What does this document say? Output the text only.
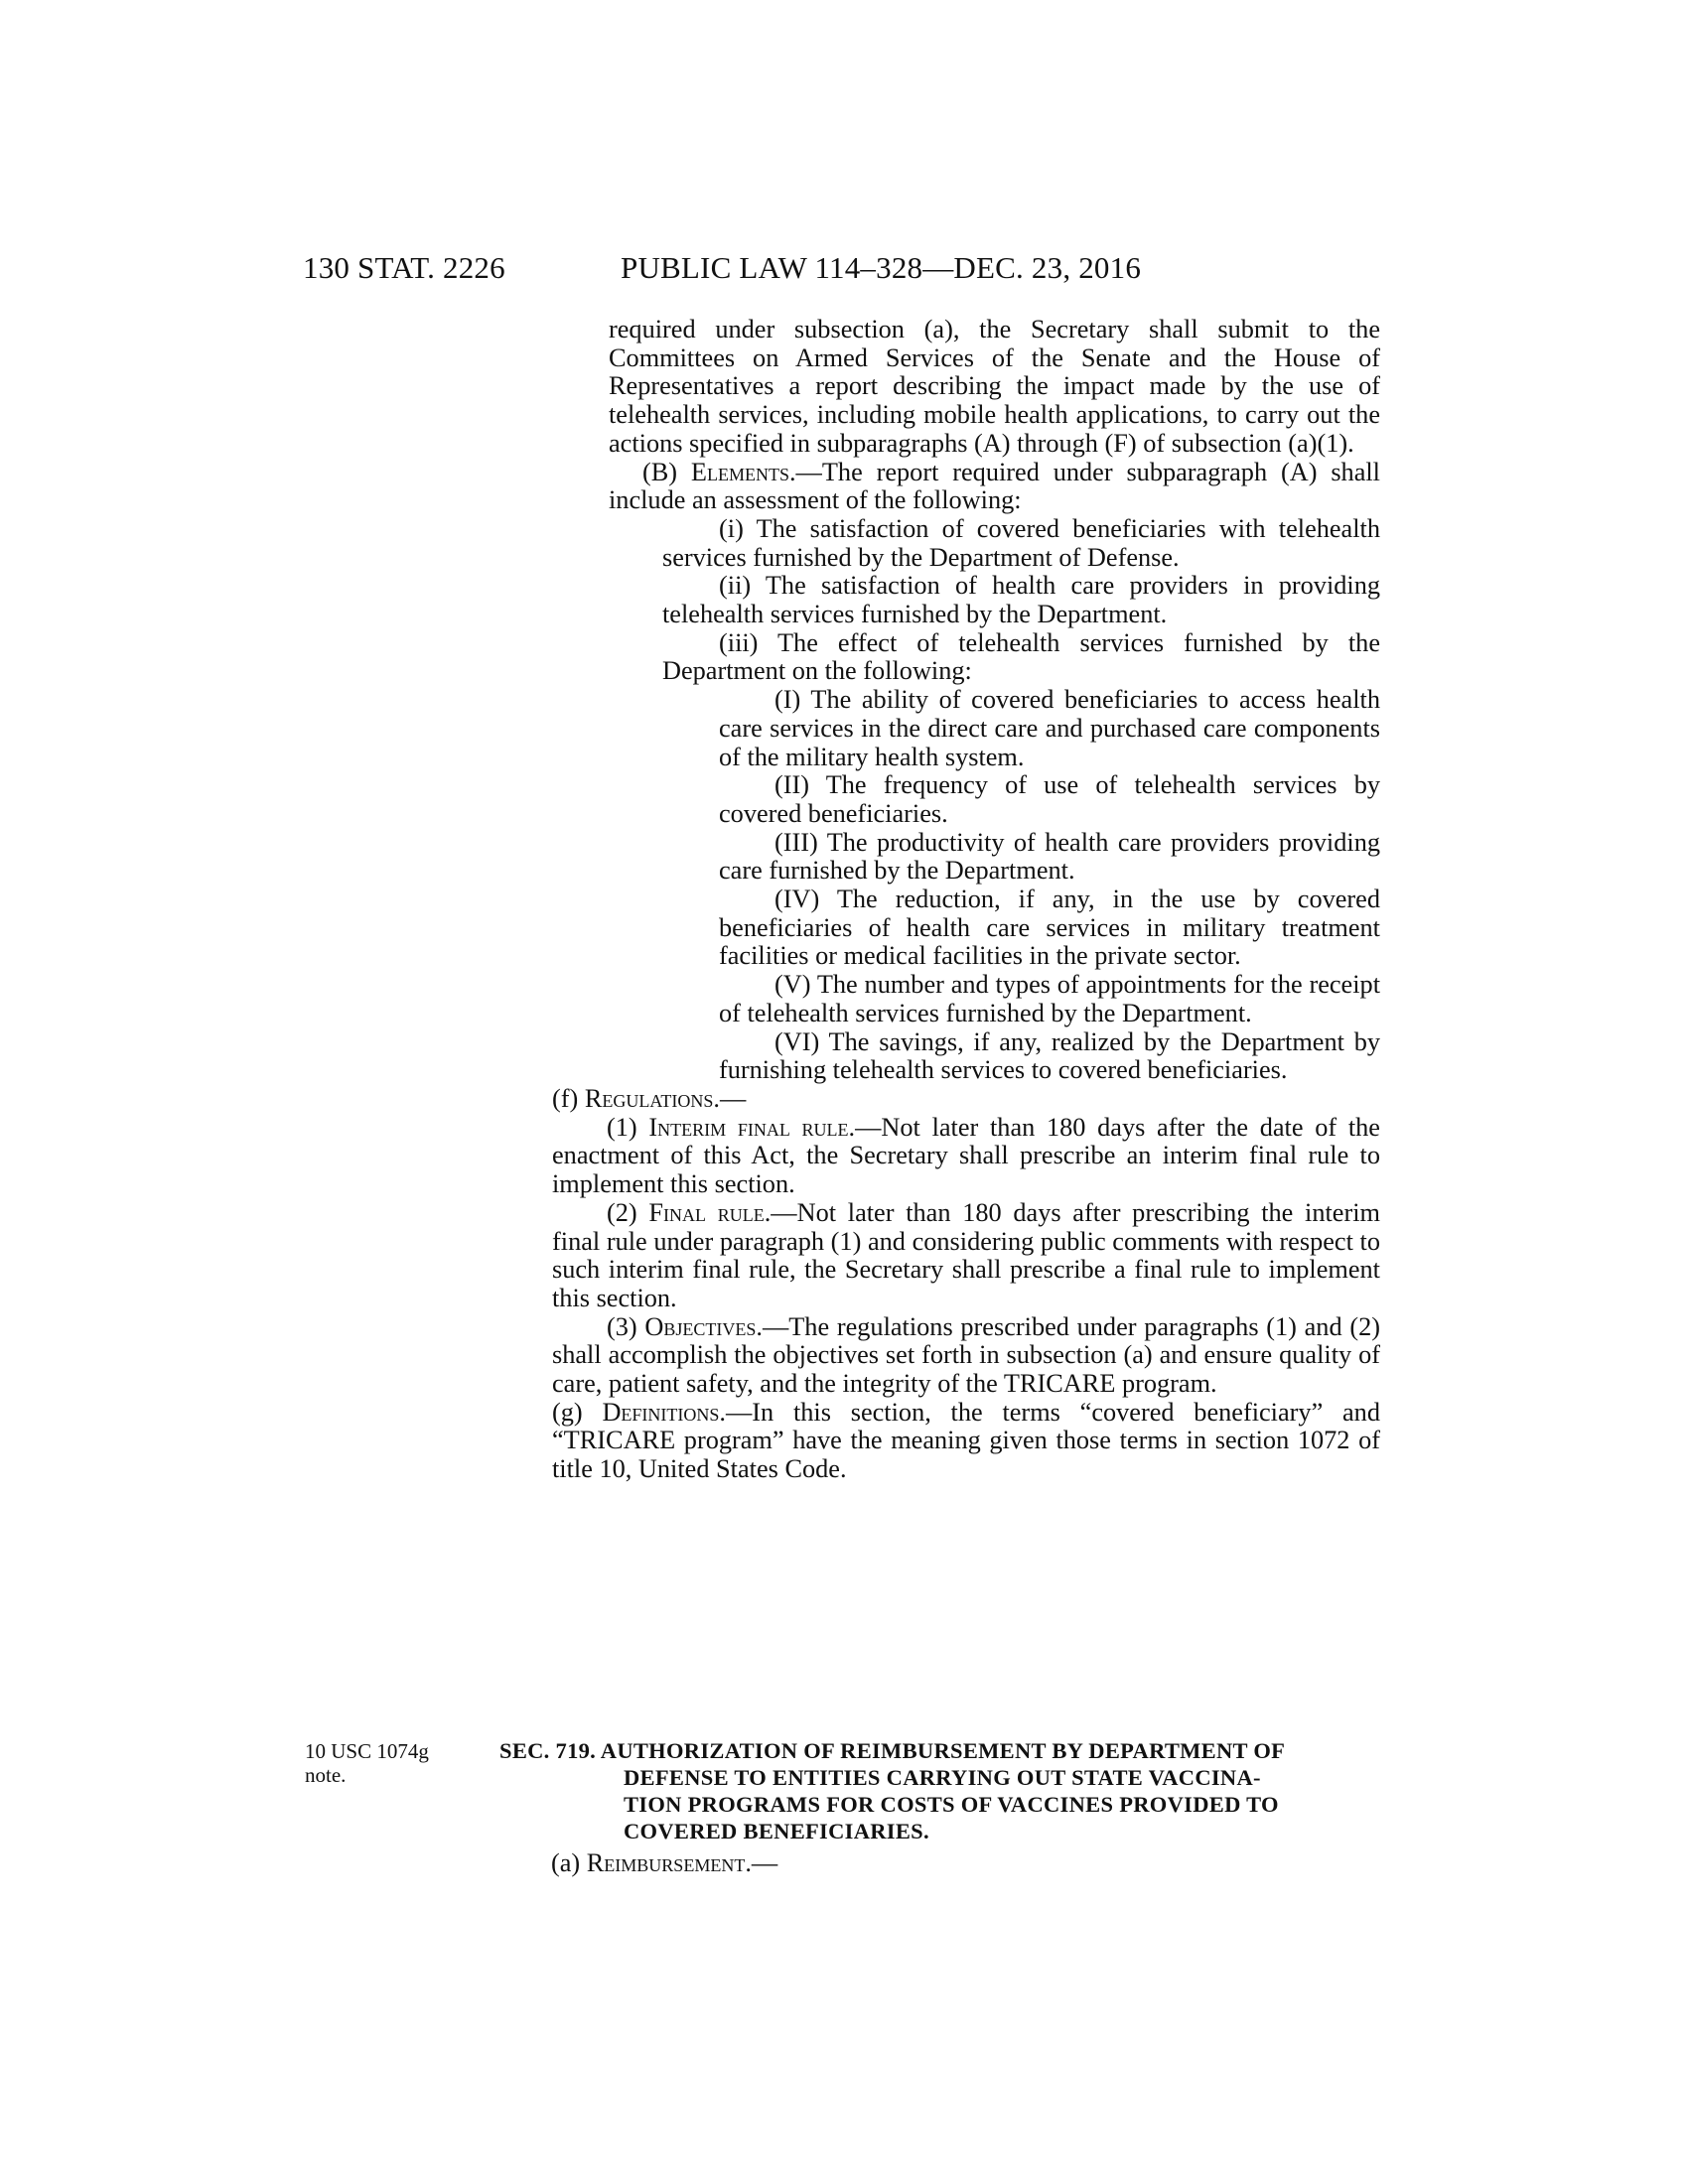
130 STAT. 2226	PUBLIC LAW 114–328—DEC. 23, 2016

required under subsection (a), the Secretary shall submit to the Committees on Armed Services of the Senate and the House of Representatives a report describing the impact made by the use of telehealth services, including mobile health applications, to carry out the actions specified in subparagraphs (A) through (F) of subsection (a)(1).

(B) Elements.—The report required under subparagraph (A) shall include an assessment of the following:

(i) The satisfaction of covered beneficiaries with telehealth services furnished by the Department of Defense.

(ii) The satisfaction of health care providers in providing telehealth services furnished by the Department.

(iii) The effect of telehealth services furnished by the Department on the following:

(I) The ability of covered beneficiaries to access health care services in the direct care and purchased care components of the military health system.

(II) The frequency of use of telehealth services by covered beneficiaries.

(III) The productivity of health care providers providing care furnished by the Department.

(IV) The reduction, if any, in the use by covered beneficiaries of health care services in military treatment facilities or medical facilities in the private sector.

(V) The number and types of appointments for the receipt of telehealth services furnished by the Department.

(VI) The savings, if any, realized by the Department by furnishing telehealth services to covered beneficiaries.

(f) Regulations.—

(1) Interim final rule.—Not later than 180 days after the date of the enactment of this Act, the Secretary shall prescribe an interim final rule to implement this section.

(2) Final rule.—Not later than 180 days after prescribing the interim final rule under paragraph (1) and considering public comments with respect to such interim final rule, the Secretary shall prescribe a final rule to implement this section.

(3) Objectives.—The regulations prescribed under paragraphs (1) and (2) shall accomplish the objectives set forth in subsection (a) and ensure quality of care, patient safety, and the integrity of the TRICARE program.

(g) Definitions.—In this section, the terms “covered beneficiary” and “TRICARE program” have the meaning given those terms in section 1072 of title 10, United States Code.

10 USC 1074g
note.
SEC. 719. AUTHORIZATION OF REIMBURSEMENT BY DEPARTMENT OF
DEFENSE TO ENTITIES CARRYING OUT STATE VACCINA-
TION PROGRAMS FOR COSTS OF VACCINES PROVIDED TO
COVERED BENEFICIARIES.
(a) Reimbursement.—
